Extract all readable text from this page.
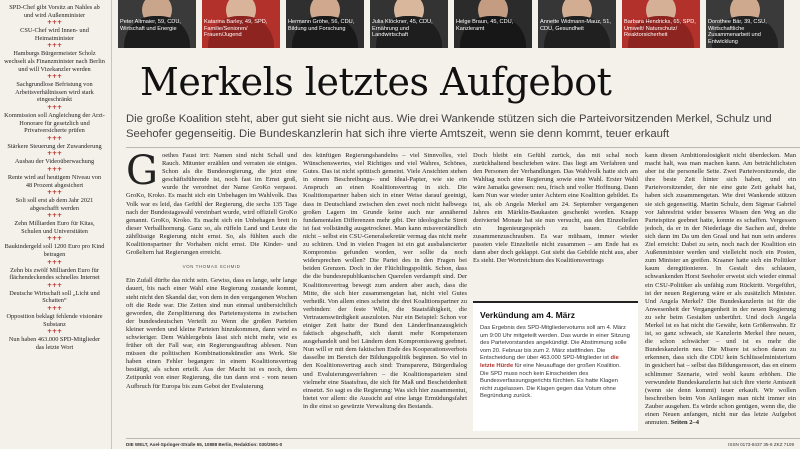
SPD-Chef gibt Vorsitz an Nahles ab und wird Außenminister
+++
CSU-Chef wird Innen- und Heimatminister
+++
Hamburgs Bürgermeister Scholz wechselt als Finanzminister nach Berlin und will Vizekanzler werden
+++
Sachgrundlose Befristung von Arbeitsverhältnissen wird stark eingeschränkt
+++
Kommission soll Angleichung der Arzt-Honorare für gesetzlich und Privatversicherte prüfen
+++
Stärkere Steuerung der Zuwanderung
+++
Ausbau der Videoüberwachung
+++
Rente wird auf heutigem Niveau von 48 Prozent abgesichert
+++
Soli soll erst ab dem Jahr 2021 abgeschafft werden
+++
Zehn Milliarden Euro für Kitas, Schulen und Universitäten
+++
Baukindergeld soll 1200 Euro pro Kind betragen
+++
Zehn bis zwölf Milliarden Euro für flächendeckendes schnelles Internet
+++
Deutsche Wirtschaft soll „Licht und Schatten“
+++
Opposition beklagt fehlende visionäre Substanz
+++
Nun haben 463.000 SPD-Mitglieder das letzte Wort
Peter Altmaier, 59, CDU, Wirtschaft und Energie
Katarina Barley, 49, SPD, Familie/Senioren/ Frauen/Jugend
Hermann Gröhe, 56, CDU, Bildung und Forschung
Julia Klöckner, 45, CDU, Ernährung und Landwirtschaft
Helge Braun, 45, CDU, Kanzleramt
Annette Widmann-Mauz, 51, CDU, Gesundheit
Barbara Hendricks, 65, SPD, Umwelt/ Naturschutz/ Reaktorsicherheit
Dorothee Bär, 39, CSU, Wirtschaftliche Zusammenarbeit und Entwicklung
Merkels letztes Aufgebot

Die große Koalition steht, aber gut sieht sie nicht aus. Wie drei Wankende stützen sich die Parteivorsitzenden Merkel, Schulz und Seehofer gegenseitig. Die Bundeskanzlerin hat sich ihre vierte Amtszeit, wenn sie denn kommt, teuer erkauft

G oethes Faust irrt: Namen sind nicht Schall und Rauch. Mitunter erzählen und verraten sie einiges. Schon als die Bundesregierung, die jetzt eine geschäftsführende ist, noch fast im Ernst groß, wurde ihr verordnet der Name GroKo verpasst. GroKo, Kroko. Es macht sich ein Unbehagen im Wahlvolk. Das Volk war es leid, das Gefühl der Regierung, die sechs 135 Tage nach der Bundestagswahl vereinbart wurde, wird offiziell GroKo genannt. GroKo, Kroko. Es macht sich ein Unbehagen breit in dieser Verballhornung. Ganz so, als rüffeln Land und Leute die zähflüssige Regierung nicht ernst. So, als fühlten auch die Koalitionspartner ihr Vorhaben nicht ernst. Die Kinder- und Großeltern hat Regierungen erreicht.

VON THOMAS SCHMID

Ein Zufall dürfte das nicht sein. Gewiss, dass es lange, sehr lange dauert, bis nach einer Wahl eine Regierung zustande kommt, steht nicht den Skandal dar, von dem in den vergangenen Wochen oft die Rede war. Die Zeiten sind nun einmal unübersichtlich geworden, die Zersplitterung des Parteiensystems in zwischen der bundesdeutschen Verteilt zu Wenn die großen Parteien kleiner werden und kleine Parteien hinzukommen, dann wird es schwieriger. Dem Wahlergebnis lässt sich nicht mehr, wie es früher oft der Fall war, ein Regierungsauftrag ablesen. Nun müssen die politischen Kombinationskünstler ans Werk. Sie haben einen Fehler begangen: in einem Koalitionsvertrag bestätigt, als schon erteilt. Aus der Macht ist es noch, dem Zeitpunkt von einer Regierung, die tun dann erst - vom neuen Aufbruch für Europa bis zum Gebot der Evaluierung

des künftigen Regierungshandelns – viel Sinnvolles, viel Wünschenswertes, viel Richtiges und viel Wahres, Schönes, Gutes. Das ist nicht spöttisch gemeint. Viele Ansichten stehen in einem Beschreibungs- und Ideal-Papier, wie sie ein Anspruch an einen Koalitionsvertrag in sich. Die Koalitionspartner haben sich in einer Weise darauf geeinigt, dass in Deutschland zwischen den zwei noch nicht halbwegs großen Lagern im Grunde keine auch nur annähernd fundamentalen Differenzen mehr gibt. Der ideologische Streit ist fast vollständig ausgetrocknet. Man kann missverständlich nicht – selbst ein CSU-Generalsekretär vermag das nicht mehr zu schüren. Und in vielen Fragen ist ein gut ausbalancierter Kompromiss gefunden worden, wer sollte da noch widersprechen wollen? Die Partei des in den Fragen bei beiden Grenzen. Doch in der Flüchtlingspolitik. Schon, dass die die bundesrepublikanischen Querelen verdampft sind. Der Koalitionsvertrag bewegt zum andern aber auch, dass die Mitte, die sich hier zusammengetan hat, nicht viel Gutes verheißt. Von allem eines scheint die drei Koalitionspartner zu verbinden: der feste Wille, die Staatsfähigkeit, die Vertrauenswürdigkeit auszuloten. Nur ein Beispiel: Schon vor einiger Zeit hatte der Bund den Länderfinanzausgleich faktisch abgeschafft, sich damit mehr Kompetenzen ausgehandelt und bei Ländern dem Kompromissweg geebnet. Nun will er mit dem faktischen Ende des Kooperationsverbots dasselbe im Bereich der Bildungspolitik beginnen. So viel in den Koalitionsvertrag auch sind: Transparenz, Bürgerdialog und Evaluierungsverfahren – die Koalitionsparteien sind vielmehr eine Staatsfrau, die sich für Maß und Bescheidenheit einsetzt. So sagt es die Regierung: Was sich hier zusammentut, bietet vor allem: die Aussicht auf eine lange Ermüdungsfahrt in die einst so gewürzte Verwaltung des Bestands.

Doch bleibt ein Gefühl zurück, das mit schal noch zurückhaltend beschrieben wäre. Das liegt am Verfahren und den Personen der Verhandlungen. Das Wahlvolk hatte sich am Wahltag noch eine Regierung sowie eine Wahl. Erster Wahl wäre Jamaika gewesen: neu, frisch und voller Hoffnung. Dann kam Nun war wieder unter Achtern eine Koalition gebildet. Es ist, als ob Angela Merkel am 24. September vergangenen Jahres ein Märklin-Baukasten geschenkt worden. Knapp dreiviertel Monate hat sie nun versucht, aus den Einzelteilen ein Ingenieurgespräch zu bauen. Gebilde zusammenzuschrauben. Es war mühsam, immer wieder passten viele Einzelteile nicht zusammen – am Ende hat es dann aber doch geklappt. Gut sieht das Gebilde nicht aus, aber Es steht. Der Wortreichtum des Koalitionsvertrags

Verkündung am 4. März
Das Ergebnis des SPD-Mitgliedervotums soll am 4. März um 9:00 Uhr mitgeteilt werden. Das wurde in einer Sitzung des Parteivorstandes angekündigt. Die Abstimmung solle vom 20. Februar bis zum 2. März stattfinden. Die Entscheidung der über 463.000 SPD-Mitglieder ist die letzte Hürde für eine Neuauflage der großen Koalition. Die SPD muss noch kein Einscheiden des Bundesverfassungsgerichts fürchten. Es hatte Klagen nicht zugelassen. Die Klagen gegen das Votum ohne Begründung zurück.

kann diesen Ambitionslosigkeit nicht überdecken. Man macht halt, was man machen kann. Am beträchtlichsten aber ist die personelle Seite. Zwei Parteivorsitzende, die ihre beste Zeit hinter sich haben, und ein Parteivorsitzender, der nie eine gute Zeit gehabt hat, haben sich zusammengetan. Wie drei Wankende stützen sie sich gegenseitig. Martin Schulz, dem Sigmar Gabriel vor Jahresfrist wider besseres Wissen den Weg an die Parteispitze geebnet hatte, konnte es schaffen. Vergessen jedoch, da er in der Niederlage die Sachen auf, drehte sich dann im Da um den Graal und hat nun sein anderes Ziel erreicht: Dabei zu sein, noch nach der Koalition ein Außenminister werden und vielleicht noch ein Posten, zum Minister an greifen. Kraaner hatte sich ein Politiker kaum deregitionieren. In Gestalt des schlauen, schwankenden Horst Seehofer erweist sich wieder einmal ein CSU-Politiker als unfähig zum Rücktritt. Vorgeführt, ist der neuen Regierung wäre er als zusätzlich Minister. Und Angela Merkel? Die Bundeskanzlerin ist für die Anwesenheit der Vergangenheit in der neuen Regierung zu sehr beim Gestalten unberührt. Und doch Angela Merkel ist es hat nicht die Gewähr, kein Größenwahn. Er ist, so ganz schwach, sie Kanzlerin Merkel ihre neuen, die schon schwächer – und ist es mehr die Bundeskanzlerin neu. Die Misere ist schon daran zu erkennen, dass sich die CDU kein Schlüsselministerium in gesichert hat – selbst das Bildungsressort, das en einem schlimmer Szenarie, wird wohl kaum erhöhen. Die verwundete Bundeskanzlerin hat sich ihre vierte Amtszeit (wenn sie denn kommt) teuer erkauft. Wir wollen beschreiben beim Von Anfängen man nicht immer ein Zauber ausgehen. Es würde schon genügen, wenn die, die einen Neuen anfangen, nicht nur das letzte Aufgebot anmuten. Seiten 2–4

DIE WELT, Axel-Springer-Straße 65, 10888 Berlin, Redaktion: 030/2591-0	ISSN 0173-8437 35-6 ZKZ 7109
